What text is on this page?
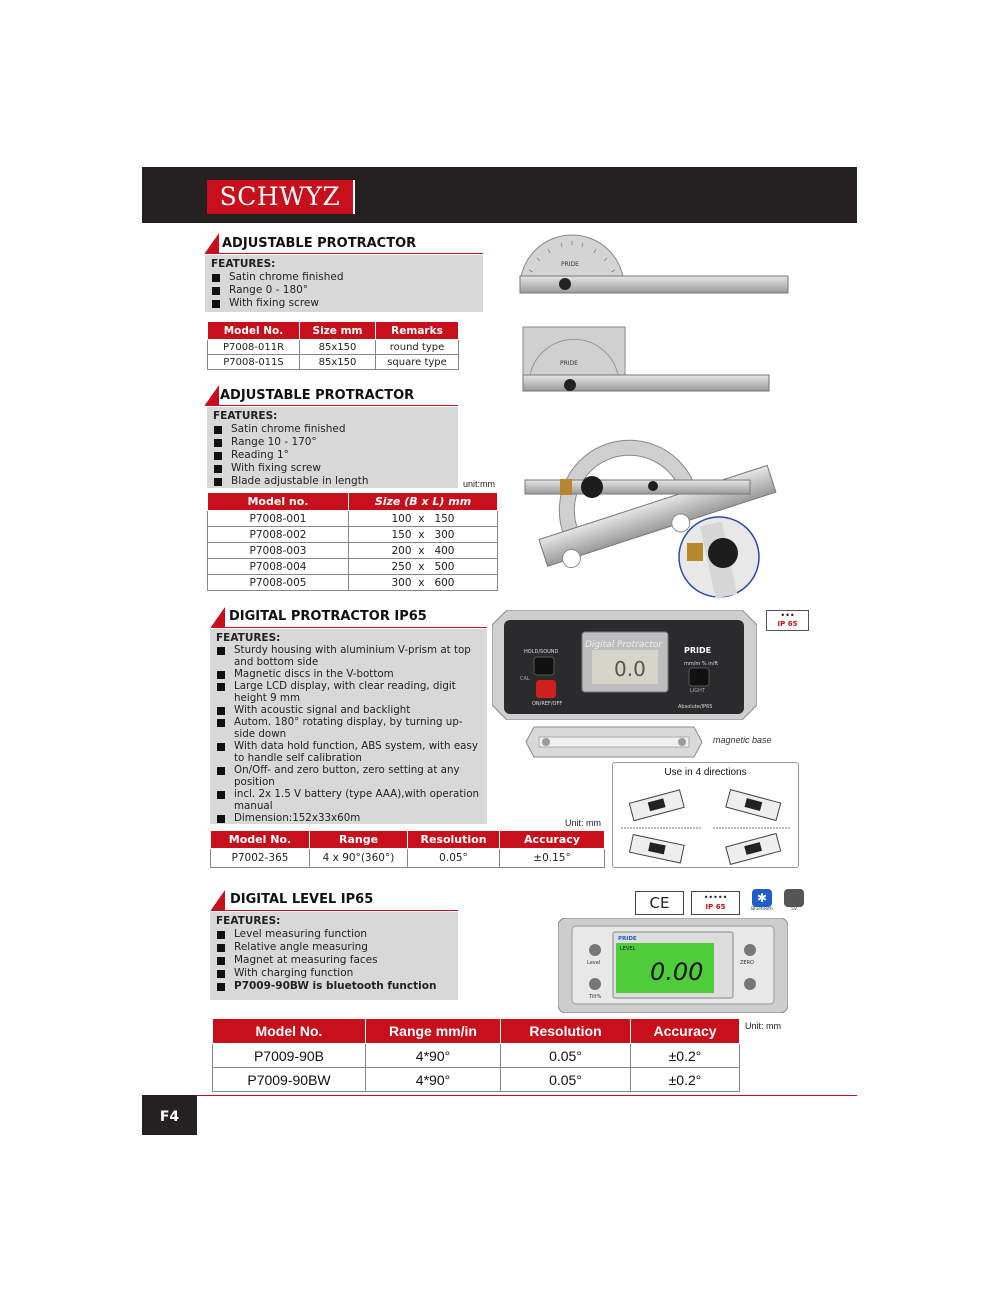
SCHWYZ
ADJUSTABLE PROTRACTOR
FEATURES:
Satin chrome finished
Range 0 - 180°
With fixing screw
Model No.	Size mm	Remarks
P7008-011R	85x150	round type
P7008-011S	85x150	square type
PRIDE
PRIDE
ADJUSTABLE PROTRACTOR
FEATURES:
Satin chrome finished
Range 10 - 170°
Reading 1°
With fixing screw
Blade adjustable in length	unit:mm
Model no.	Size (B x L) mm
P7008-001	100  x   150
P7008-002	150  x   300
P7008-003	200  x   400
P7008-004	250  x   500
P7008-005	300  x   600
DIGITAL PROTRACTOR IP65
FEATURES:
Sturdy housing with aluminium V-prism at top and bottom side
Magnetic discs in the V-bottom
Large LCD display, with clear reading, digit height 9 mm
With acoustic signal and backlight
Autom. 180° rotating display, by turning up-side down
With data hold function, ABS system, with easy to handle self calibration
On/Off- and zero button, zero setting at any position
incl. 2x 1.5 V battery (type AAA),with operation manual
Dimension:152x33x60m	Unit: mm
Model No.	Range	Resolution	Accuracy
P7002-365	4 x 90°(360°)	0.05°	±0.15°
•••
IP 65
0.0
Digital Protractor
PRIDE
HOLD/SOUND
CAL
ON/REF/OFF
mm/m % in/ft
LIGHT
Absolute/IP65
magnetic base
Use in 4 directions
DIGITAL LEVEL IP65
FEATURES:
Level measuring function
Relative angle measuring
Magnet at measuring faces
With charging function
P7009-90BW is bluetooth function
CE	•••••
IP 65
✱
Bluetooth	5V
PRIDE
LEVEL
0.00
Level
Tilt%
ZERO
Unit: mm
Model No.	Range mm/in	Resolution	Accuracy
P7009-90B	4*90°	0.05°	±0.2°
P7009-90BW	4*90°	0.05°	±0.2°
F4
